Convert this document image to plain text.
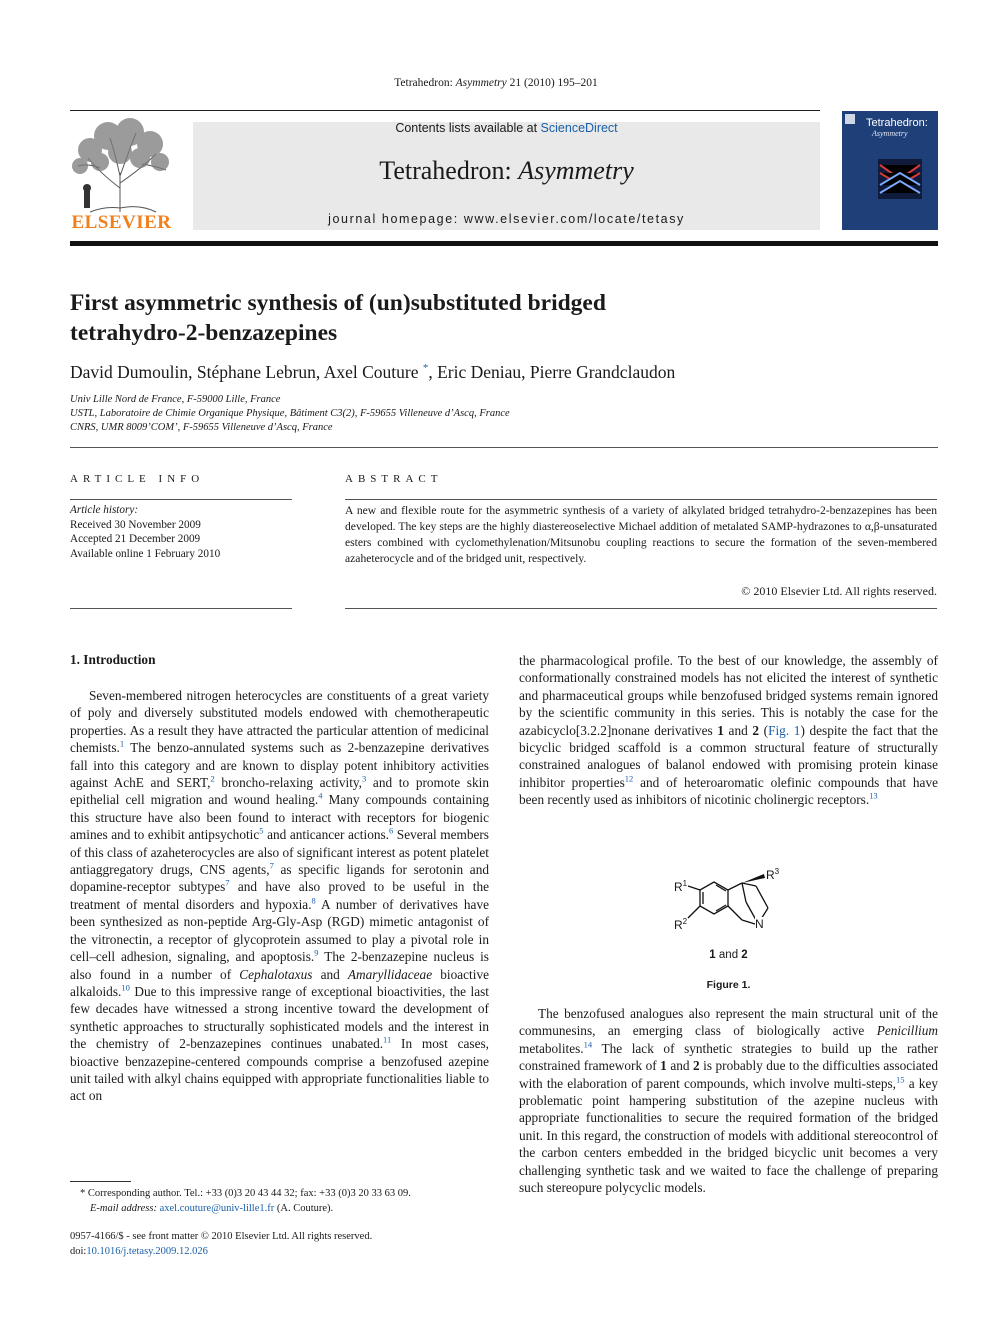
Tetrahedron: Asymmetry 21 (2010) 195–201
ELSEVIER
Contents lists available at ScienceDirect
Tetrahedron: Asymmetry
journal homepage: www.elsevier.com/locate/tetasy
Tetrahedron:
Asymmetry
First asymmetric synthesis of (un)substituted bridged
tetrahydro-2-benzazepines
David Dumoulin, Stéphane Lebrun, Axel Couture *, Eric Deniau, Pierre Grandclaudon
Univ Lille Nord de France, F-59000 Lille, France
USTL, Laboratoire de Chimie Organique Physique, Bâtiment C3(2), F-59655 Villeneuve d’Ascq, France
CNRS, UMR 8009’COM’, F-59655 Villeneuve d’Ascq, France
ARTICLE INFO
Article history:
Received 30 November 2009
Accepted 21 December 2009
Available online 1 February 2010
ABSTRACT
A new and flexible route for the asymmetric synthesis of a variety of alkylated bridged tetrahydro-2-benzazepines has been developed. The key steps are the highly diastereoselective Michael addition of metalated SAMP-hydrazones to α,β-unsaturated esters combined with cyclomethylenation/Mitsunobu coupling reactions to secure the formation of the seven-membered azaheterocycle and of the bridged unit, respectively.
© 2010 Elsevier Ltd. All rights reserved.
1. Introduction

Seven-membered nitrogen heterocycles are constituents of a great variety of poly and diversely substituted models endowed with chemotherapeutic properties. As a result they have attracted the particular attention of medicinal chemists.$^1$ The benzo-annulated systems such as 2-benzazepine derivatives fall into this category and are known to display potent inhibitory activities against AchE and SERT,$^2$ broncho-relaxing activity,$^3$ and to promote skin epithelial cell migration and wound healing.$^4$ Many compounds containing this structure have also been found to interact with receptors for biogenic amines and to exhibit antipsychotic$^5$ and anticancer actions.$^6$ Several members of this class of azaheterocycles are also of significant interest as potent platelet antiaggregatory drugs, CNS agents,$^7$ as specific ligands for serotonin and dopamine-receptor subtypes$^7$ and have also proved to be useful in the treatment of mental disorders and hypoxia.$^8$ A number of derivatives have been synthesized as non-peptide Arg-Gly-Asp (RGD) mimetic antagonist of the vitronectin, a receptor of glycoprotein assumed to play a pivotal role in cell–cell adhesion, signaling, and apoptosis.$^9$ The 2-benzazepine nucleus is also found in a number of Cephalotaxus and Amaryllidaceae bioactive alkaloids.$^{10}$ Due to this impressive range of exceptional bioactivities, the last few decades have witnessed a strong incentive toward the development of synthetic approaches to structurally sophisticated models and the interest in the chemistry of 2-benzazepines continues unabated.$^{11}$ In most cases, bioactive benzazepine-centered compounds comprise a benzofused azepine unit tailed with alkyl chains equipped with appropriate functionalities liable to act on

* Corresponding author. Tel.: +33 (0)3 20 43 44 32; fax: +33 (0)3 20 33 63 09.
E-mail address: axel.couture@univ-lille1.fr (A. Couture).
0957-4166/$ - see front matter © 2010 Elsevier Ltd. All rights reserved.
doi:10.1016/j.tetasy.2009.12.026

the pharmacological profile. To the best of our knowledge, the assembly of conformationally constrained models has not elicited the interest of synthetic and pharmaceutical groups while benzofused bridged systems remain ignored by the scientific community in this series. This is notably the case for the azabicyclo[3.2.2]nonane derivatives 1 and 2 (Fig. 1) despite the fact that the bicyclic bridged scaffold is a common structural feature of structurally constrained analogues of balanol endowed with promising protein kinase inhibitor properties$^{12}$ and of heteroaromatic olefinic compounds that have been recently used as inhibitors of nicotinic cholinergic receptors.$^{13}$

$R^1$
$R^2$
$R^3$
N
1 and 2
Figure 1.

The benzofused analogues also represent the main structural unit of the communesins, an emerging class of biologically active Penicillium metabolites.$^{14}$ The lack of synthetic strategies to build up the rather constrained framework of 1 and 2 is probably due to the difficulties associated with the elaboration of parent compounds, which involve multi-steps,$^{15}$ a key problematic point hampering substitution of the azepine nucleus with appropriate functionalities to secure the required formation of the bridged unit. In this regard, the construction of models with additional stereocontrol of the carbon centers embedded in the bridged bicyclic unit becomes a very challenging synthetic task and we waited to face the challenge of preparing such stereopure polycyclic models.
